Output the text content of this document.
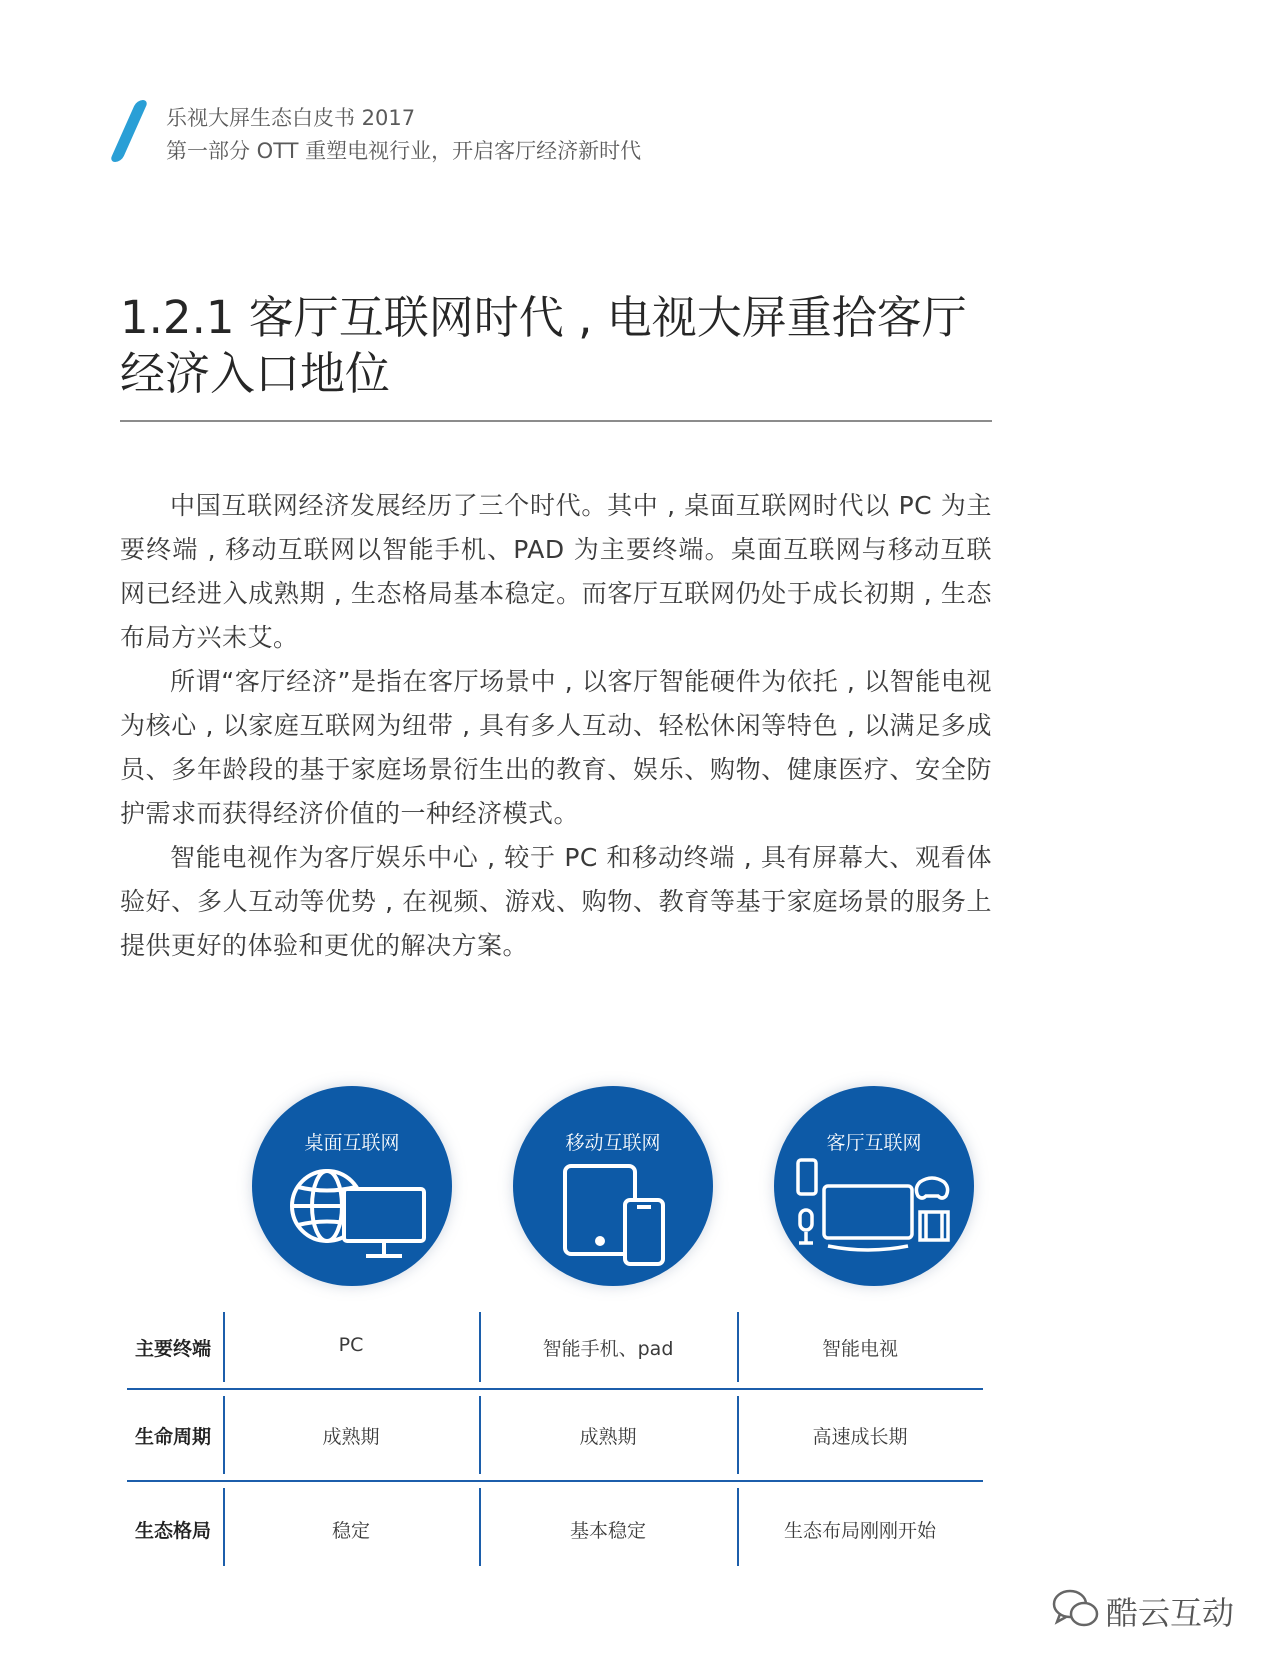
乐视大屏生态白皮书 2017
第一部分 OTT 重塑电视行业，开启客厅经济新时代
1.2.1 客厅互联网时代 , 电视大屏重拾客厅经济入口地位

中国互联网经济发展经历了三个时代。其中 , 桌面互联网时代以 PC 为主要终端 , 移动互联网以智能手机、PAD 为主要终端。桌面互联网与移动互联网已经进入成熟期 , 生态格局基本稳定。而客厅互联网仍处于成长初期 , 生态布局方兴未艾。

所谓“客厅经济”是指在客厅场景中 , 以客厅智能硬件为依托 , 以智能电视为核心 , 以家庭互联网为纽带 , 具有多人互动、轻松休闲等特色 , 以满足多成员、多年龄段的基于家庭场景衍生出的教育、娱乐、购物、健康医疗、安全防护需求而获得经济价值的一种经济模式。

智能电视作为客厅娱乐中心 , 较于 PC 和移动终端 , 具有屏幕大、观看体验好、多人互动等优势 , 在视频、游戏、购物、教育等基于家庭场景的服务上提供更好的体验和更优的解决方案。

桌面互联网	移动互联网	客厅互联网
主要终端	PC	智能手机、pad	智能电视
生命周期	成熟期	成熟期	高速成长期
生态格局	稳定	基本稳定	生态布局刚刚开始
酷云互动
